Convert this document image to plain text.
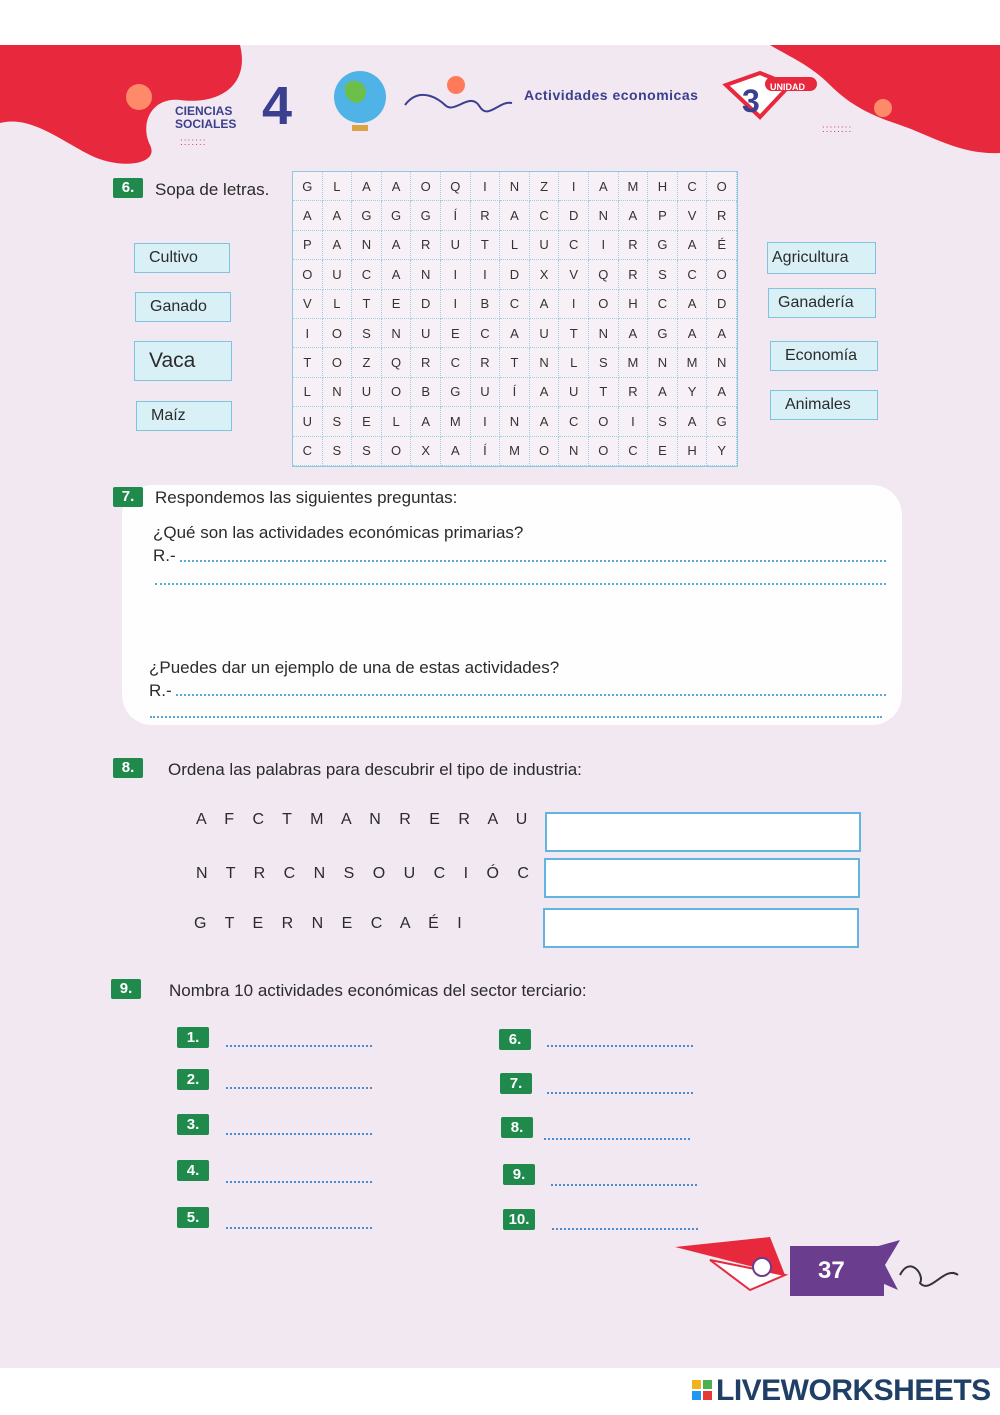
CIENCIAS
SOCIALES
:::::::
4	Actividades economicas 3 UNIDAD
::::::::
6.	Sopa de letras.	G	L	A	A	O	Q	I	N	Z	I	A	M	H	C	O
A	A	G	G	G	Í	R	A	C	D	N	A	P	V	R
P	A	N	A	R	U	T	L	U	C	I	R	G	A	É
O	U	C	A	N	I	I	D	X	V	Q	R	S	C	O
V	L	T	E	D	I	B	C	A	I	O	H	C	A	D
I	O	S	N	U	E	C	A	U	T	N	A	G	A	A
T	O	Z	Q	R	C	R	T	N	L	S	M	N	M	N
L	N	U	O	B	G	U	Í	A	U	T	R	A	Y	A
U	S	E	L	A	M	I	N	A	C	O	I	S	A	G
C	S	S	O	X	A	Í	M	O	N	O	C	E	H	Y
Cultivo
Ganado
Vaca
Maíz
Agricultura
Ganadería
Economía
Animales
7.	Respondemos las siguientes preguntas:
¿Qué son las actividades económicas primarias?
R.-
¿Puedes dar un ejemplo de una de estas actividades?
R.-
8.	Ordena las palabras para descubrir el tipo de industria:
A F C T M A N R E R A U
N T R C N S O U C I Ó C
G T E R N E C A É I
9.	Nombra 10 actividades económicas del sector terciario:
1.
2.
3.
4.
5.
6.
7.
8.
9.
10.
37
LIVEWORKSHEETS
